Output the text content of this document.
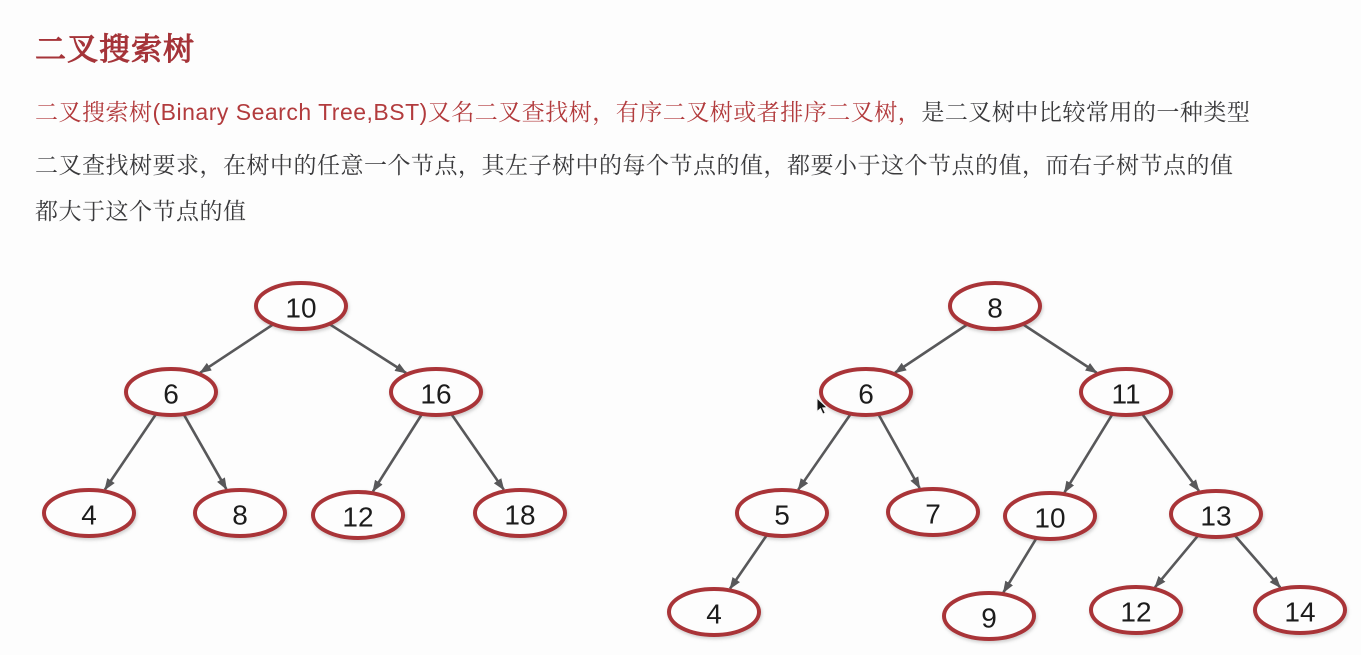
二叉搜索树

二叉搜索树(Binary Search Tree,BST)又名二叉查找树，有序二叉树或者排序二叉树，是二叉树中比较常用的一种类型

二叉查找树要求，在树中的任意一个节点，其左子树中的每个节点的值，都要小于这个节点的值，而右子树节点的值

都大于这个节点的值

10
6	16
4	8	12	18
8
6	11
5	7	10	13
4	9	12	14
